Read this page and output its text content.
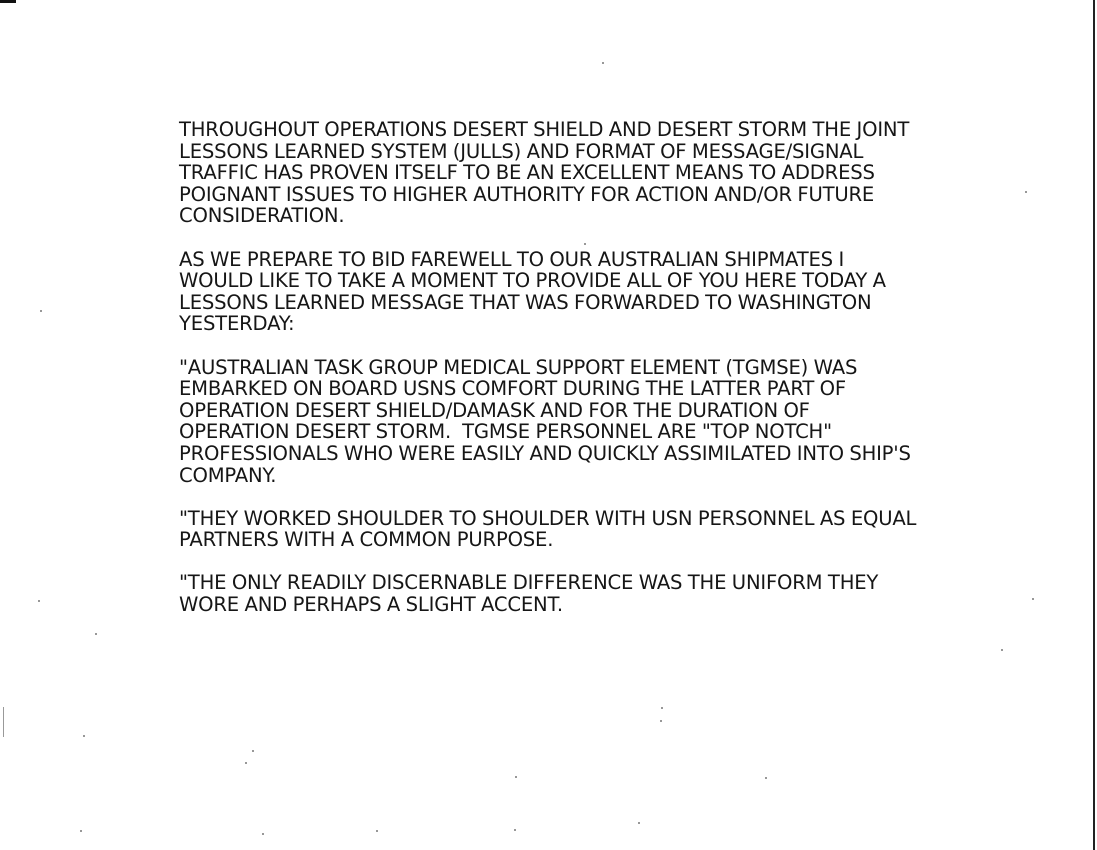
THROUGHOUT OPERATIONS DESERT SHIELD AND DESERT STORM THE JOINT
LESSONS LEARNED SYSTEM (JULLS) AND FORMAT OF MESSAGE/SIGNAL
TRAFFIC HAS PROVEN ITSELF TO BE AN EXCELLENT MEANS TO ADDRESS
POIGNANT ISSUES TO HIGHER AUTHORITY FOR ACTION AND/OR FUTURE
CONSIDERATION.

AS WE PREPARE TO BID FAREWELL TO OUR AUSTRALIAN SHIPMATES I
WOULD LIKE TO TAKE A MOMENT TO PROVIDE ALL OF YOU HERE TODAY A
LESSONS LEARNED MESSAGE THAT WAS FORWARDED TO WASHINGTON
YESTERDAY:

"AUSTRALIAN TASK GROUP MEDICAL SUPPORT ELEMENT (TGMSE) WAS
EMBARKED ON BOARD USNS COMFORT DURING THE LATTER PART OF
OPERATION DESERT SHIELD/DAMASK AND FOR THE DURATION OF
OPERATION DESERT STORM.  TGMSE PERSONNEL ARE "TOP NOTCH"
PROFESSIONALS WHO WERE EASILY AND QUICKLY ASSIMILATED INTO SHIP'S
COMPANY.

"THEY WORKED SHOULDER TO SHOULDER WITH USN PERSONNEL AS EQUAL
PARTNERS WITH A COMMON PURPOSE.

"THE ONLY READILY DISCERNABLE DIFFERENCE WAS THE UNIFORM THEY
WORE AND PERHAPS A SLIGHT ACCENT.
